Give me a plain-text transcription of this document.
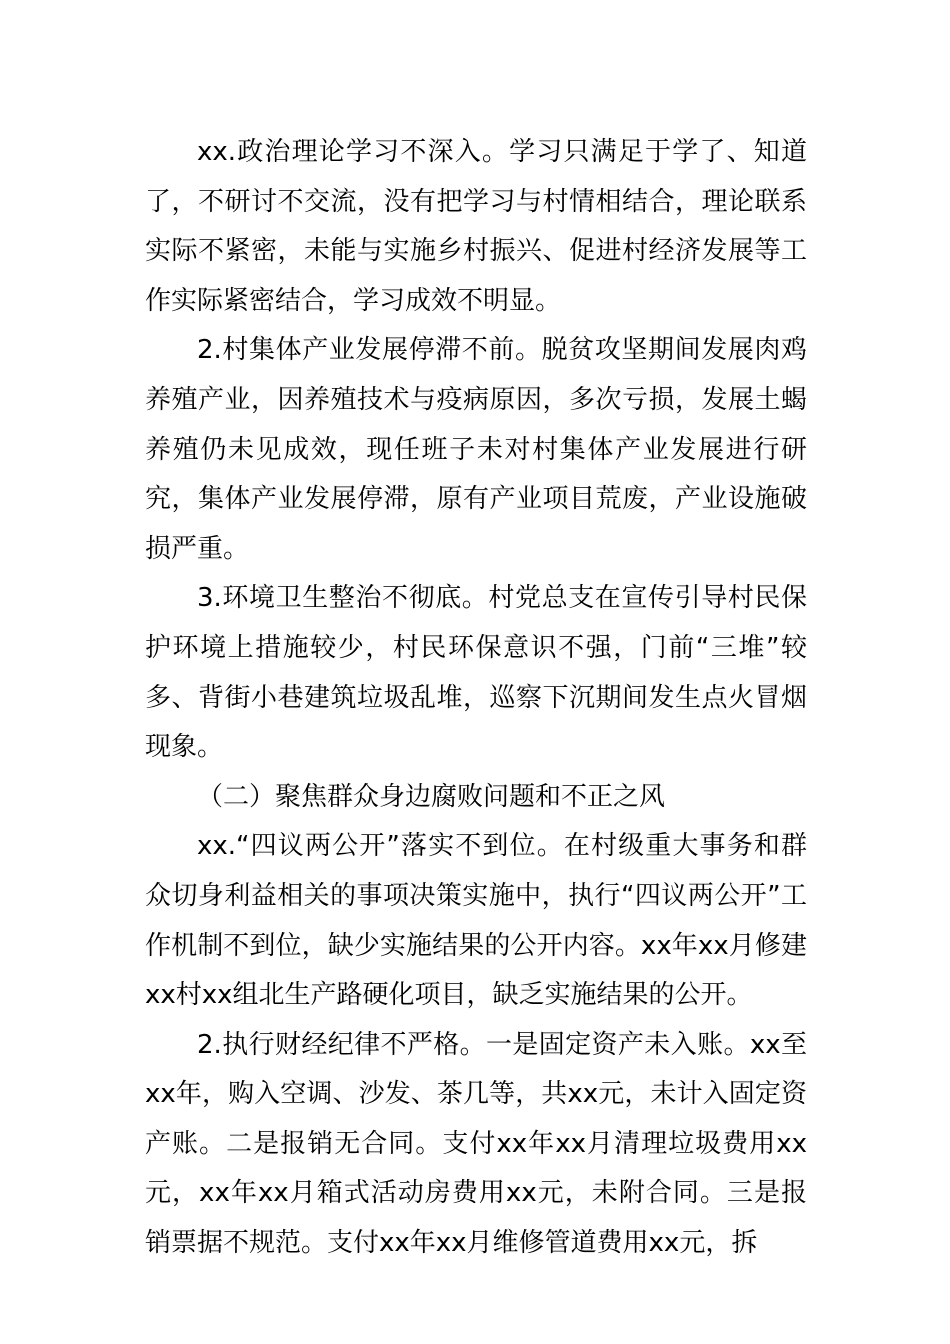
xx.政治理论学习不深入。学习只满足于学了、知道了，不研讨不交流，没有把学习与村情相结合，理论联系实际不紧密，未能与实施乡村振兴、促进村经济发展等工作实际紧密结合，学习成效不明显。

2.村集体产业发展停滞不前。脱贫攻坚期间发展肉鸡养殖产业，因养殖技术与疫病原因，多次亏损，发展土蝎养殖仍未见成效，现任班子未对村集体产业发展进行研究，集体产业发展停滞，原有产业项目荒废，产业设施破损严重。

3.环境卫生整治不彻底。村党总支在宣传引导村民保护环境上措施较少，村民环保意识不强，门前“三堆”较多、背街小巷建筑垃圾乱堆，巡察下沉期间发生点火冒烟现象。

（二）聚焦群众身边腐败问题和不正之风

xx.“四议两公开”落实不到位。在村级重大事务和群众切身利益相关的事项决策实施中，执行“四议两公开”工作机制不到位，缺少实施结果的公开内容。xx年xx月修建xx村xx组北生产路硬化项目，缺乏实施结果的公开。

2.执行财经纪律不严格。一是固定资产未入账。xx至xx年，购入空调、沙发、茶几等，共xx元，未计入固定资产账。二是报销无合同。支付xx年xx月清理垃圾费用xx元，xx年xx月箱式活动房费用xx元，未附合同。三是报销票据不规范。支付xx年xx月维修管道费用xx元，拆
